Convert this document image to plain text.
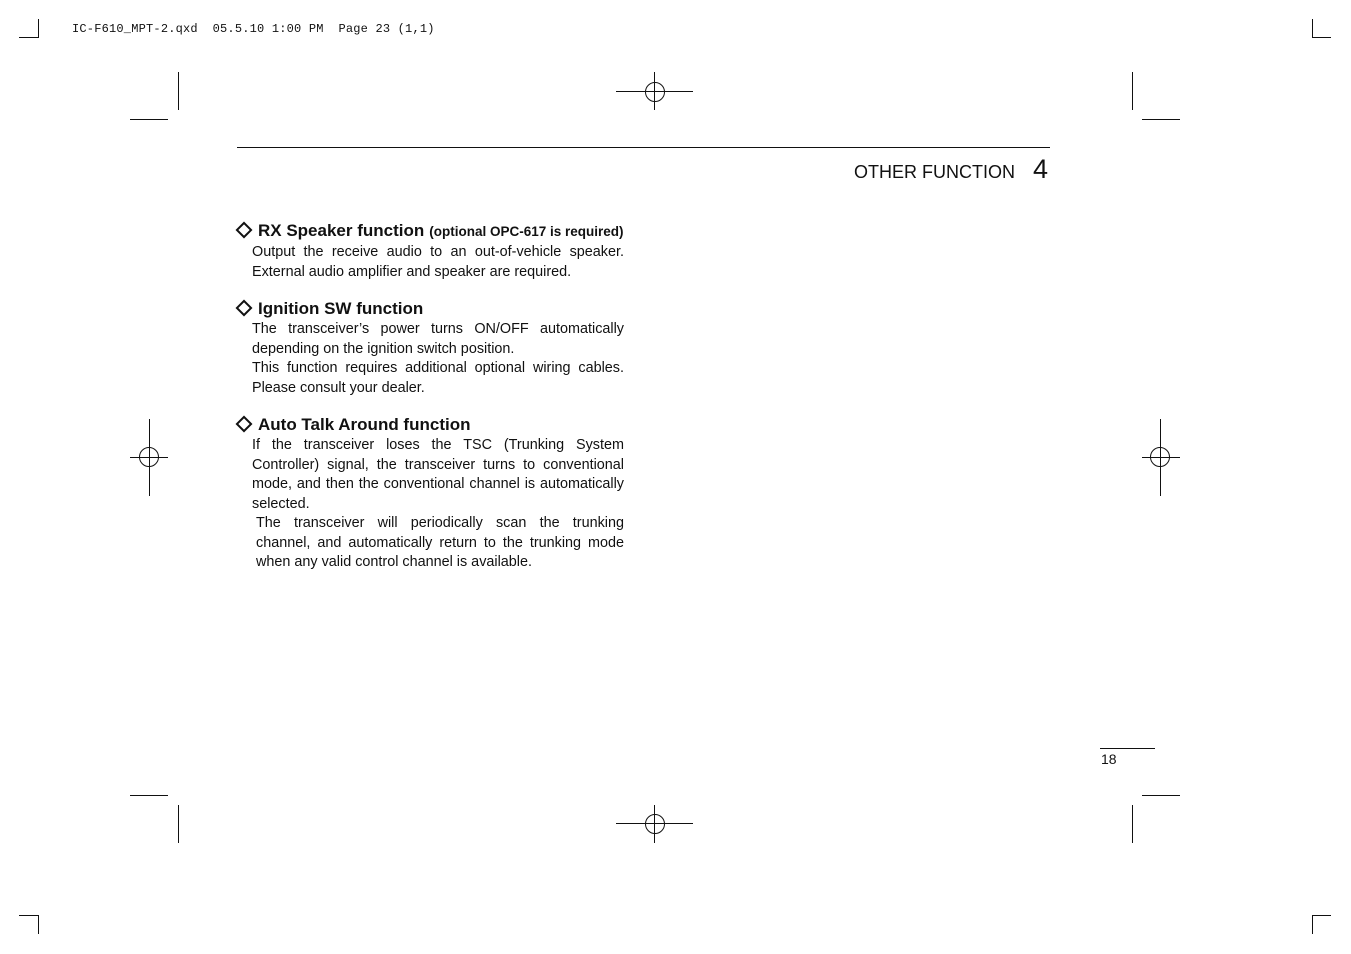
IC-F610_MPT-2.qxd  05.5.10 1:00 PM  Page 23 (1,1)
OTHER FUNCTION 4
RX Speaker function (optional OPC-617 is required)

Output the receive audio to an out-of-vehicle speaker. External audio amplifier and speaker are required.

Ignition SW function

The transceiver’s power turns ON/OFF automatically depending on the ignition switch position.

This function requires additional optional wiring cables. Please consult your dealer.

Auto Talk Around function

If the transceiver loses the TSC (Trunking System Controller) signal, the transceiver turns to conventional mode, and then the conventional channel is automatically selected.

The transceiver will periodically scan the trunking channel, and automatically return to the trunking mode when any valid control channel is available.

18
